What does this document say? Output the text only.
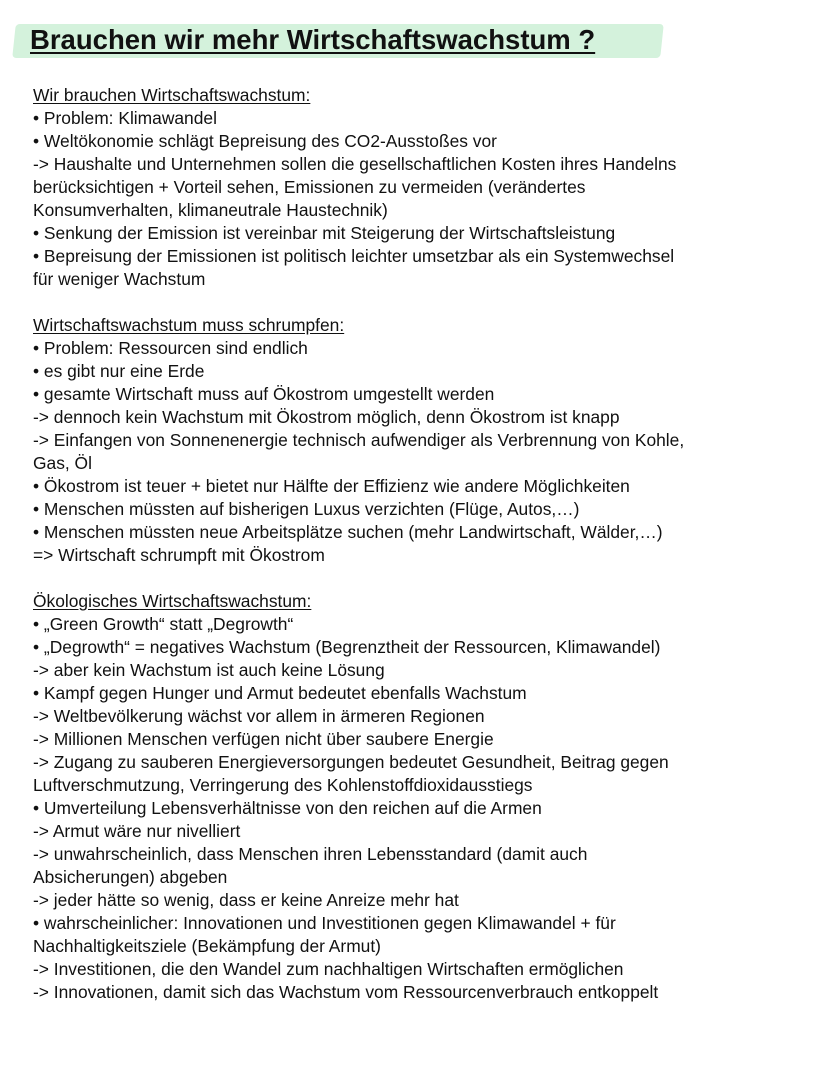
Brauchen wir mehr Wirtschaftswachstum ?
Wir brauchen Wirtschaftswachstum:
• Problem: Klimawandel
• Weltökonomie schlägt Bepreisung des CO2-Ausstoßes vor
-> Haushalte und Unternehmen sollen die gesellschaftlichen Kosten ihres Handelns
berücksichtigen + Vorteil sehen, Emissionen zu vermeiden (verändertes
Konsumverhalten, klimaneutrale Haustechnik)
• Senkung der Emission ist vereinbar mit Steigerung der Wirtschaftsleistung
• Bepreisung der Emissionen ist politisch leichter umsetzbar als ein Systemwechsel
für weniger Wachstum
Wirtschaftswachstum muss schrumpfen:
• Problem: Ressourcen sind endlich
• es gibt nur eine Erde
• gesamte Wirtschaft muss auf Ökostrom umgestellt werden
-> dennoch kein Wachstum mit Ökostrom möglich, denn Ökostrom ist knapp
-> Einfangen von Sonnenenergie technisch aufwendiger als Verbrennung von Kohle,
Gas, Öl
• Ökostrom ist teuer + bietet nur Hälfte der Effizienz wie andere Möglichkeiten
• Menschen müssten auf bisherigen Luxus verzichten (Flüge, Autos,…)
• Menschen müssten neue Arbeitsplätze suchen (mehr Landwirtschaft, Wälder,…)
=> Wirtschaft schrumpft mit Ökostrom
Ökologisches Wirtschaftswachstum:
• „Green Growth“ statt „Degrowth“
• „Degrowth“ = negatives Wachstum (Begrenztheit der Ressourcen, Klimawandel)
-> aber kein Wachstum ist auch keine Lösung
• Kampf gegen Hunger und Armut bedeutet ebenfalls Wachstum
-> Weltbevölkerung wächst vor allem in ärmeren Regionen
-> Millionen Menschen verfügen nicht über saubere Energie
-> Zugang zu sauberen Energieversorgungen bedeutet Gesundheit, Beitrag gegen
Luftverschmutzung, Verringerung des Kohlenstoffdioxidausstiegs
• Umverteilung Lebensverhältnisse von den reichen auf die Armen
-> Armut wäre nur nivelliert
-> unwahrscheinlich, dass Menschen ihren Lebensstandard (damit auch
Absicherungen) abgeben
-> jeder hätte so wenig, dass er keine Anreize mehr hat
• wahrscheinlicher: Innovationen und Investitionen gegen Klimawandel + für
Nachhaltigkeitsziele (Bekämpfung der Armut)
-> Investitionen, die den Wandel zum nachhaltigen Wirtschaften ermöglichen
-> Innovationen, damit sich das Wachstum vom Ressourcenverbrauch entkoppelt
